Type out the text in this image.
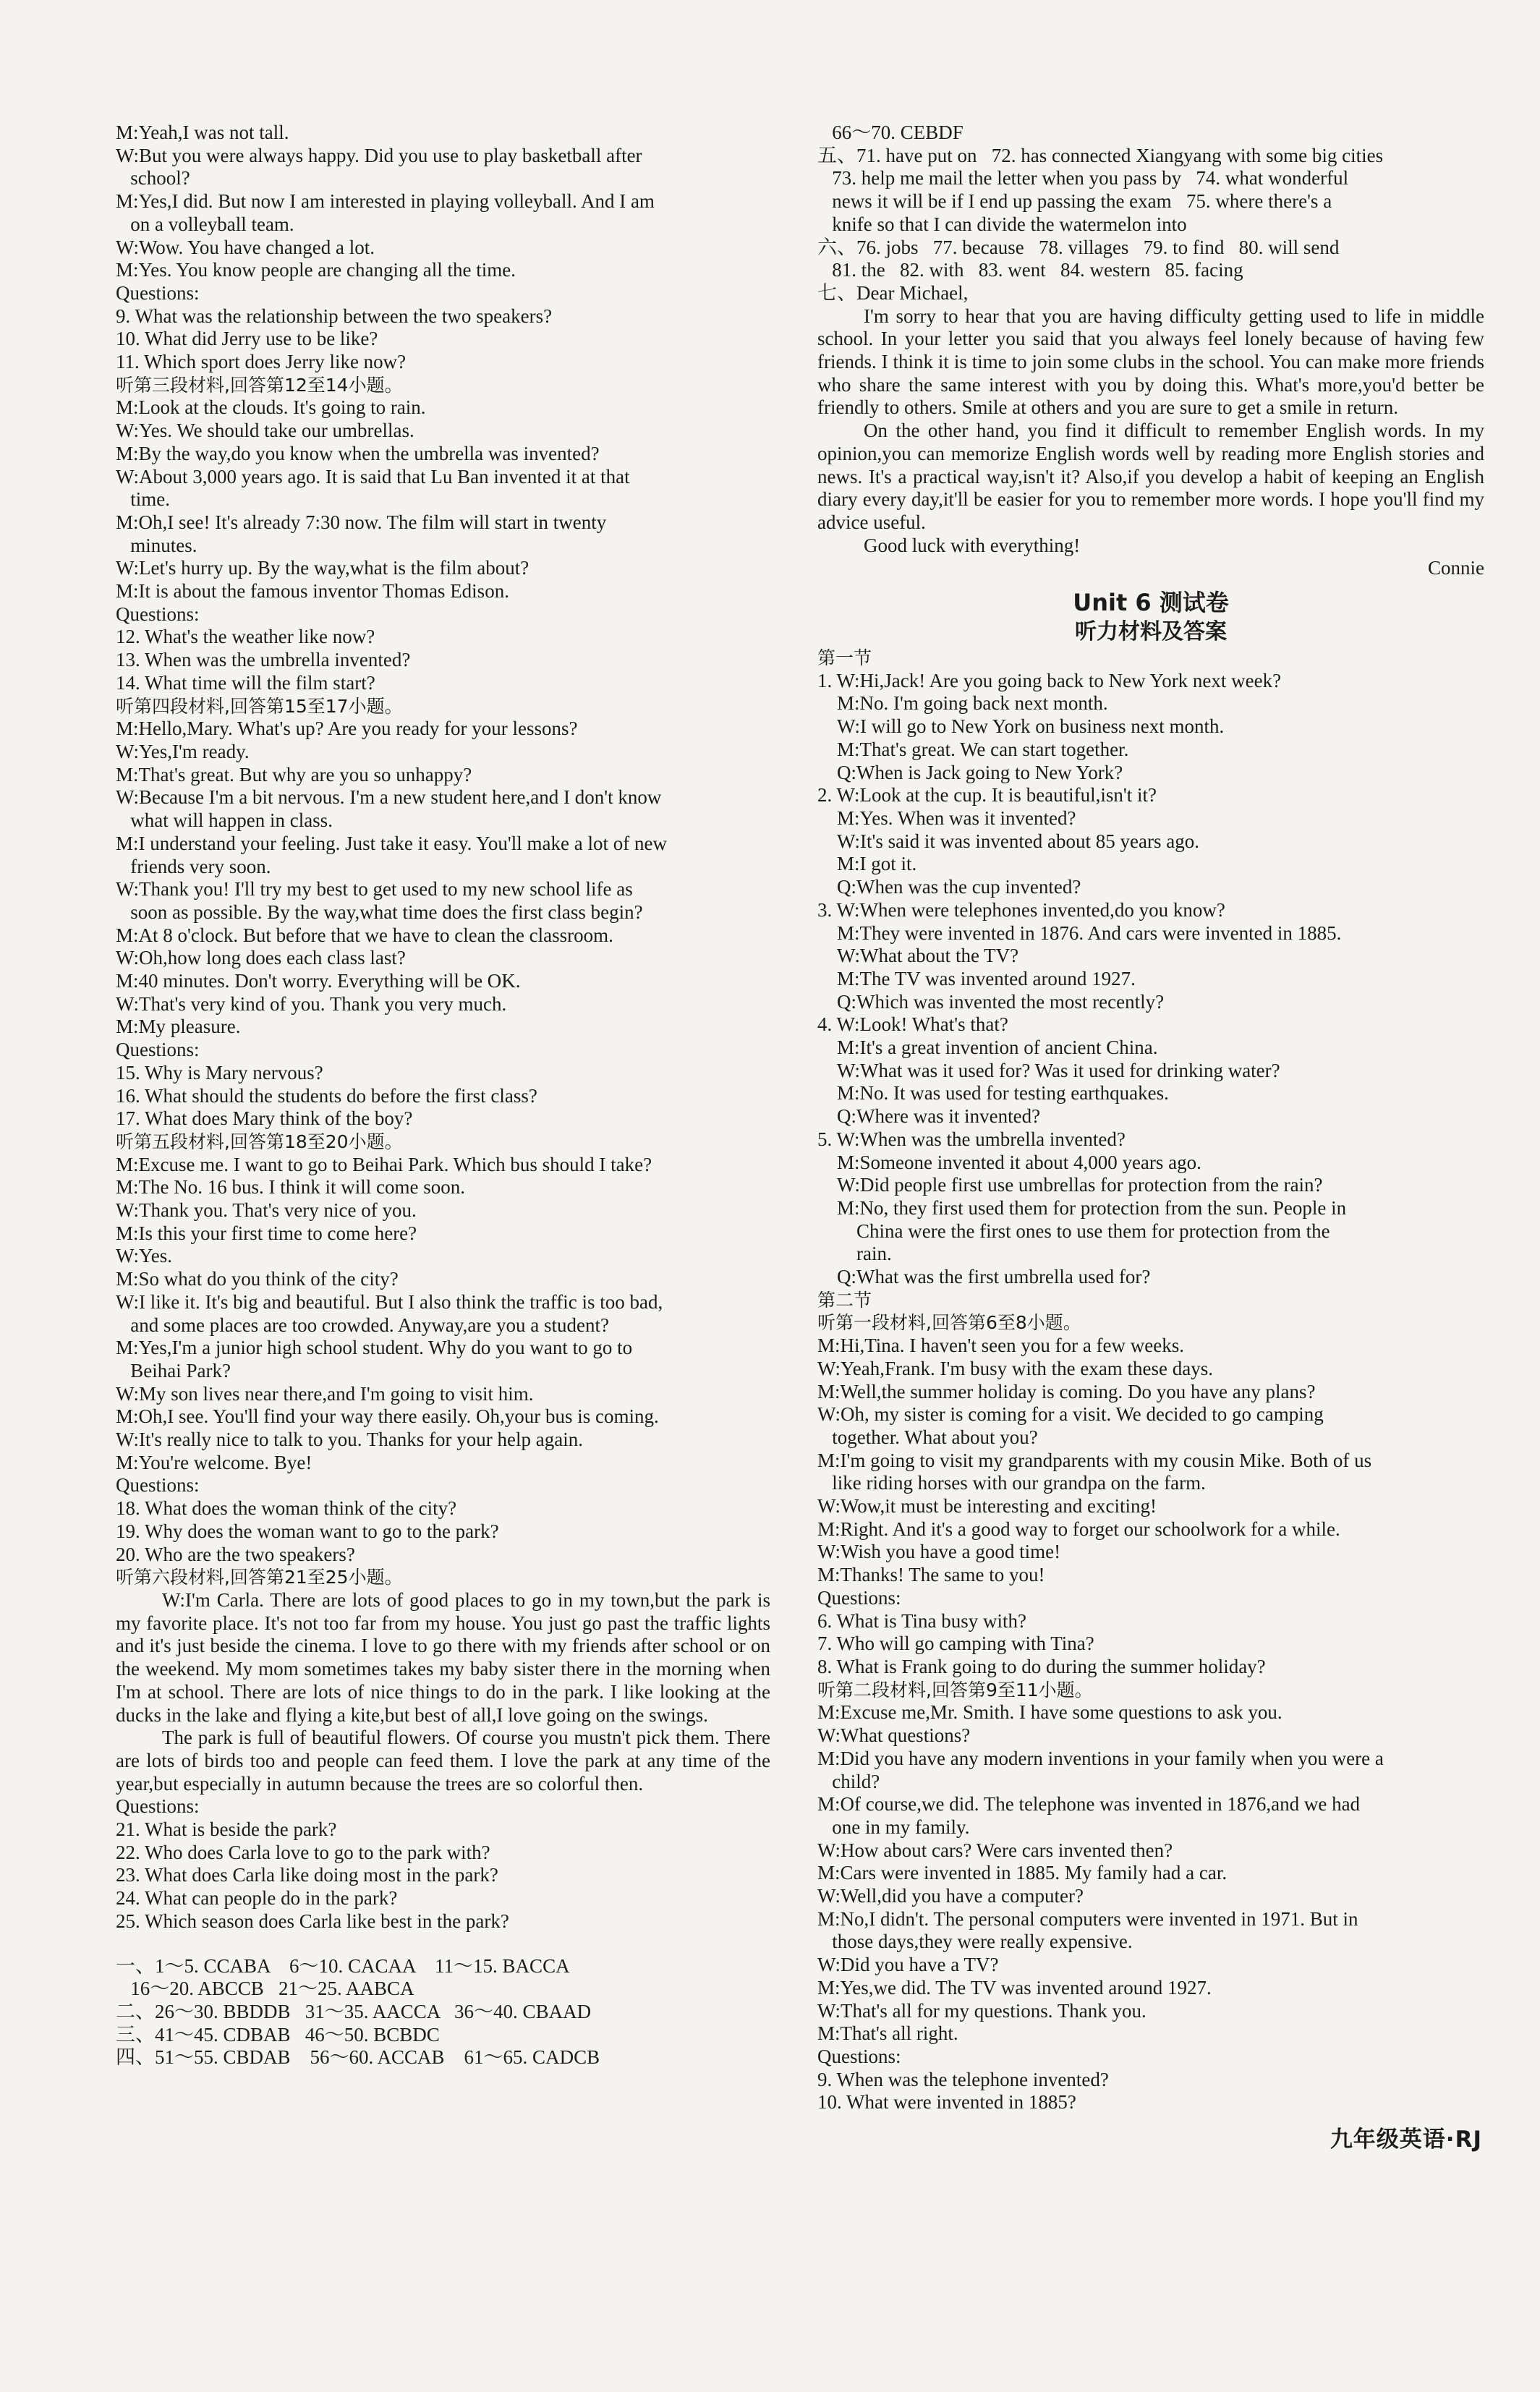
M:Yeah,I was not tall.
W:But you were always happy. Did you use to play basketball after
school?
M:Yes,I did. But now I am interested in playing volleyball. And I am
on a volleyball team.
W:Wow. You have changed a lot.
M:Yes. You know people are changing all the time.
Questions:
9. What was the relationship between the two speakers?
10. What did Jerry use to be like?
11. Which sport does Jerry like now?
听第三段材料,回答第12至14小题。
M:Look at the clouds. It's going to rain.
W:Yes. We should take our umbrellas.
M:By the way,do you know when the umbrella was invented?
W:About 3,000 years ago. It is said that Lu Ban invented it at that
time.
M:Oh,I see! It's already 7:30 now. The film will start in twenty
minutes.
W:Let's hurry up. By the way,what is the film about?
M:It is about the famous inventor Thomas Edison.
Questions:
12. What's the weather like now?
13. When was the umbrella invented?
14. What time will the film start?
听第四段材料,回答第15至17小题。
M:Hello,Mary. What's up? Are you ready for your lessons?
W:Yes,I'm ready.
M:That's great. But why are you so unhappy?
W:Because I'm a bit nervous. I'm a new student here,and I don't know
what will happen in class.
M:I understand your feeling. Just take it easy. You'll make a lot of new
friends very soon.
W:Thank you! I'll try my best to get used to my new school life as
soon as possible. By the way,what time does the first class begin?
M:At 8 o'clock. But before that we have to clean the classroom.
W:Oh,how long does each class last?
M:40 minutes. Don't worry. Everything will be OK.
W:That's very kind of you. Thank you very much.
M:My pleasure.
Questions:
15. Why is Mary nervous?
16. What should the students do before the first class?
17. What does Mary think of the boy?
听第五段材料,回答第18至20小题。
M:Excuse me. I want to go to Beihai Park. Which bus should I take?
M:The No. 16 bus. I think it will come soon.
W:Thank you. That's very nice of you.
M:Is this your first time to come here?
W:Yes.
M:So what do you think of the city?
W:I like it. It's big and beautiful. But I also think the traffic is too bad,
and some places are too crowded. Anyway,are you a student?
M:Yes,I'm a junior high school student. Why do you want to go to
Beihai Park?
W:My son lives near there,and I'm going to visit him.
M:Oh,I see. You'll find your way there easily. Oh,your bus is coming.
W:It's really nice to talk to you. Thanks for your help again.
M:You're welcome. Bye!
Questions:
18. What does the woman think of the city?
19. Why does the woman want to go to the park?
20. Who are the two speakers?
听第六段材料,回答第21至25小题。
W:I'm Carla. There are lots of good places to go in my town,but the park is my favorite place. It's not too far from my house. You just go past the traffic lights and it's just beside the cinema. I love to go there with my friends after school or on the weekend. My mom sometimes takes my baby sister there in the morning when I'm at school. There are lots of nice things to do in the park. I like looking at the ducks in the lake and flying a kite,but best of all,I love going on the swings.
The park is full of beautiful flowers. Of course you mustn't pick them. There are lots of birds too and people can feed them. I love the park at any time of the year,but especially in autumn because the trees are so colorful then.
Questions:
21. What is beside the park?
22. Who does Carla love to go to the park with?
23. What does Carla like doing most in the park?
24. What can people do in the park?
25. Which season does Carla like best in the park?
一、1～5. CCABA    6～10. CACAA    11～15. BACCA
16～20. ABCCB   21～25. AABCA
二、26～30. BBDDB   31～35. AACCA   36～40. CBAAD
三、41～45. CDBAB   46～50. BCBDC
四、51～55. CBDAB    56～60. ACCAB    61～65. CADCB
66～70. CEBDF
五、71. have put on   72. has connected Xiangyang with some big cities
73. help me mail the letter when you pass by   74. what wonderful
news it will be if I end up passing the exam   75. where there's a
knife so that I can divide the watermelon into
六、76. jobs   77. because   78. villages   79. to find   80. will send
81. the   82. with   83. went   84. western   85. facing
七、Dear Michael,
I'm sorry to hear that you are having difficulty getting used to life in middle school. In your letter you said that you always feel lonely because of having few friends. I think it is time to join some clubs in the school. You can make more friends who share the same interest with you by doing this. What's more,you'd better be friendly to others. Smile at others and you are sure to get a smile in return.
On the other hand, you find it difficult to remember English words. In my opinion,you can memorize English words well by reading more English stories and news. It's a practical way,isn't it? Also,if you develop a habit of keeping an English diary every day,it'll be easier for you to remember more words. I hope you'll find my advice useful.
Good luck with everything!
Connie
Unit 6 测试卷
听力材料及答案
第一节
1. W:Hi,Jack! Are you going back to New York next week?
M:No. I'm going back next month.
W:I will go to New York on business next month.
M:That's great. We can start together.
Q:When is Jack going to New York?
2. W:Look at the cup. It is beautiful,isn't it?
M:Yes. When was it invented?
W:It's said it was invented about 85 years ago.
M:I got it.
Q:When was the cup invented?
3. W:When were telephones invented,do you know?
M:They were invented in 1876. And cars were invented in 1885.
W:What about the TV?
M:The TV was invented around 1927.
Q:Which was invented the most recently?
4. W:Look! What's that?
M:It's a great invention of ancient China.
W:What was it used for? Was it used for drinking water?
M:No. It was used for testing earthquakes.
Q:Where was it invented?
5. W:When was the umbrella invented?
M:Someone invented it about 4,000 years ago.
W:Did people first use umbrellas for protection from the rain?
M:No, they first used them for protection from the sun. People in
China were the first ones to use them for protection from the
rain.
Q:What was the first umbrella used for?
第二节
听第一段材料,回答第6至8小题。
M:Hi,Tina. I haven't seen you for a few weeks.
W:Yeah,Frank. I'm busy with the exam these days.
M:Well,the summer holiday is coming. Do you have any plans?
W:Oh, my sister is coming for a visit. We decided to go camping
together. What about you?
M:I'm going to visit my grandparents with my cousin Mike. Both of us
like riding horses with our grandpa on the farm.
W:Wow,it must be interesting and exciting!
M:Right. And it's a good way to forget our schoolwork for a while.
W:Wish you have a good time!
M:Thanks! The same to you!
Questions:
6. What is Tina busy with?
7. Who will go camping with Tina?
8. What is Frank going to do during the summer holiday?
听第二段材料,回答第9至11小题。
M:Excuse me,Mr. Smith. I have some questions to ask you.
W:What questions?
M:Did you have any modern inventions in your family when you were a
child?
M:Of course,we did. The telephone was invented in 1876,and we had
one in my family.
W:How about cars? Were cars invented then?
M:Cars were invented in 1885. My family had a car.
W:Well,did you have a computer?
M:No,I didn't. The personal computers were invented in 1971. But in
those days,they were really expensive.
W:Did you have a TV?
M:Yes,we did. The TV was invented around 1927.
W:That's all for my questions. Thank you.
M:That's all right.
Questions:
9. When was the telephone invented?
10. What were invented in 1885?
九年级英语·RJ
